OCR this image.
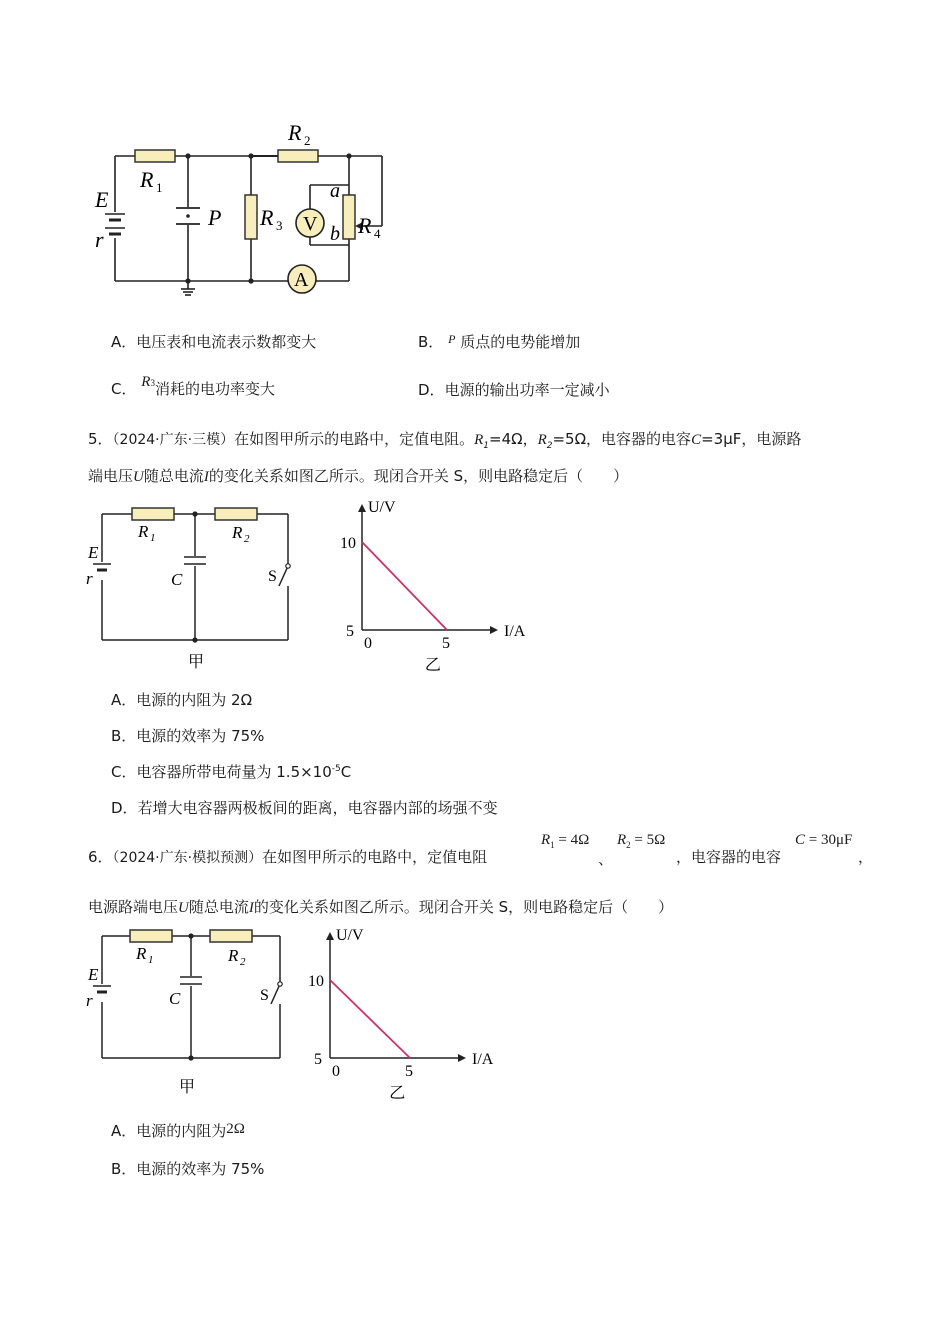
R 1
R 2
R 3	R 4
E
r
P	V
A
a
b
A．电压表和电流表示数都变大	B． $^P$ 质点的电势能增加
C． R3消耗的电功率变大	D．电源的输出功率一定减小
5．（2024·广东·三模）在如图甲所示的电路中，定值电阻。$R_1=4\Omega$，$R_2=5\Omega$，电容器的电容C=3μF，电源路
端电压U随总电流I的变化关系如图乙所示。现闭合开关 S，则电路稳定后（　　）
R 1	R 2
E
r	C	S
甲
U/V
I/A
10
5
0	5
乙
A．电源的内阻为 2Ω
B．电源的效率为 75%
C．电容器所带电荷量为 $1.5\times 10^{-5}C$
D．若增大电容器两极板间的距离，电容器内部的场强不变
6．（2024·广东·模拟预测）在如图甲所示的电路中，定值电阻
$R_1 = 4\Omega$
、
$R_2 = 5\Omega$
，电容器的电容
C = 30μF
，
电源路端电压U随总电流I的变化关系如图乙所示。现闭合开关 S，则电路稳定后（　　）
R 1	R 2
E
r	C	S
甲
U/V
I/A
10
5
0	5
乙
A．电源的内阻为2Ω
B．电源的效率为 75%
